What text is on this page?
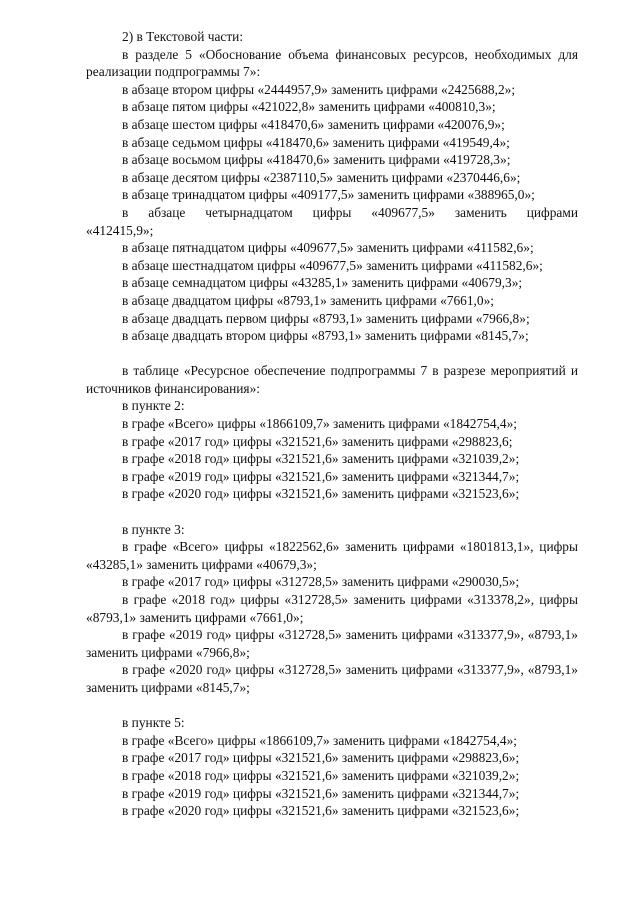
2) в Текстовой части:

в разделе 5 «Обоснование объема финансовых ресурсов, необходимых для реализации подпрограммы 7»:

в абзаце втором цифры «2444957,9» заменить цифрами «2425688,2»;

в абзаце пятом цифры «421022,8» заменить цифрами «400810,3»;

в абзаце шестом цифры «418470,6» заменить цифрами «420076,9»;

в абзаце седьмом цифры «418470,6» заменить цифрами «419549,4»;

в абзаце восьмом цифры «418470,6» заменить цифрами «419728,3»;

в абзаце десятом цифры «2387110,5» заменить цифрами «2370446,6»;

в абзаце тринадцатом цифры «409177,5» заменить цифрами «388965,0»;

в абзаце четырнадцатом цифры «409677,5» заменить цифрами

«412415,9»;

в абзаце пятнадцатом цифры «409677,5» заменить цифрами «411582,6»;

в абзаце шестнадцатом цифры «409677,5» заменить цифрами «411582,6»;

в абзаце семнадцатом цифры «43285,1» заменить цифрами «40679,3»;

в абзаце двадцатом цифры «8793,1» заменить цифрами «7661,0»;

в абзаце двадцать первом цифры «8793,1» заменить цифрами «7966,8»;

в абзаце двадцать втором цифры «8793,1» заменить цифрами «8145,7»;

в таблице «Ресурсное обеспечение подпрограммы 7 в разрезе мероприятий и источников финансирования»:

в пункте 2:

в графе «Всего» цифры «1866109,7» заменить цифрами «1842754,4»;

в графе «2017 год» цифры «321521,6» заменить цифрами «298823,6;

в графе «2018 год» цифры «321521,6» заменить цифрами «321039,2»;

в графе «2019 год» цифры «321521,6» заменить цифрами «321344,7»;

в графе «2020 год» цифры «321521,6» заменить цифрами «321523,6»;

в пункте 3:

в графе «Всего» цифры «1822562,6» заменить цифрами «1801813,1», цифры «43285,1» заменить цифрами «40679,3»;

в графе «2017 год» цифры «312728,5» заменить цифрами «290030,5»;

в графе «2018 год» цифры «312728,5» заменить цифрами «313378,2», цифры «8793,1» заменить цифрами «7661,0»;

в графе «2019 год» цифры «312728,5» заменить цифрами «313377,9», «8793,1» заменить цифрами «7966,8»;

в графе «2020 год» цифры «312728,5» заменить цифрами «313377,9», «8793,1» заменить цифрами «8145,7»;

в пункте 5:

в графе «Всего» цифры «1866109,7» заменить цифрами «1842754,4»;

в графе «2017 год» цифры «321521,6» заменить цифрами «298823,6»;

в графе «2018 год» цифры «321521,6» заменить цифрами «321039,2»;

в графе «2019 год» цифры «321521,6» заменить цифрами «321344,7»;

в графе «2020 год» цифры «321521,6» заменить цифрами «321523,6»;
